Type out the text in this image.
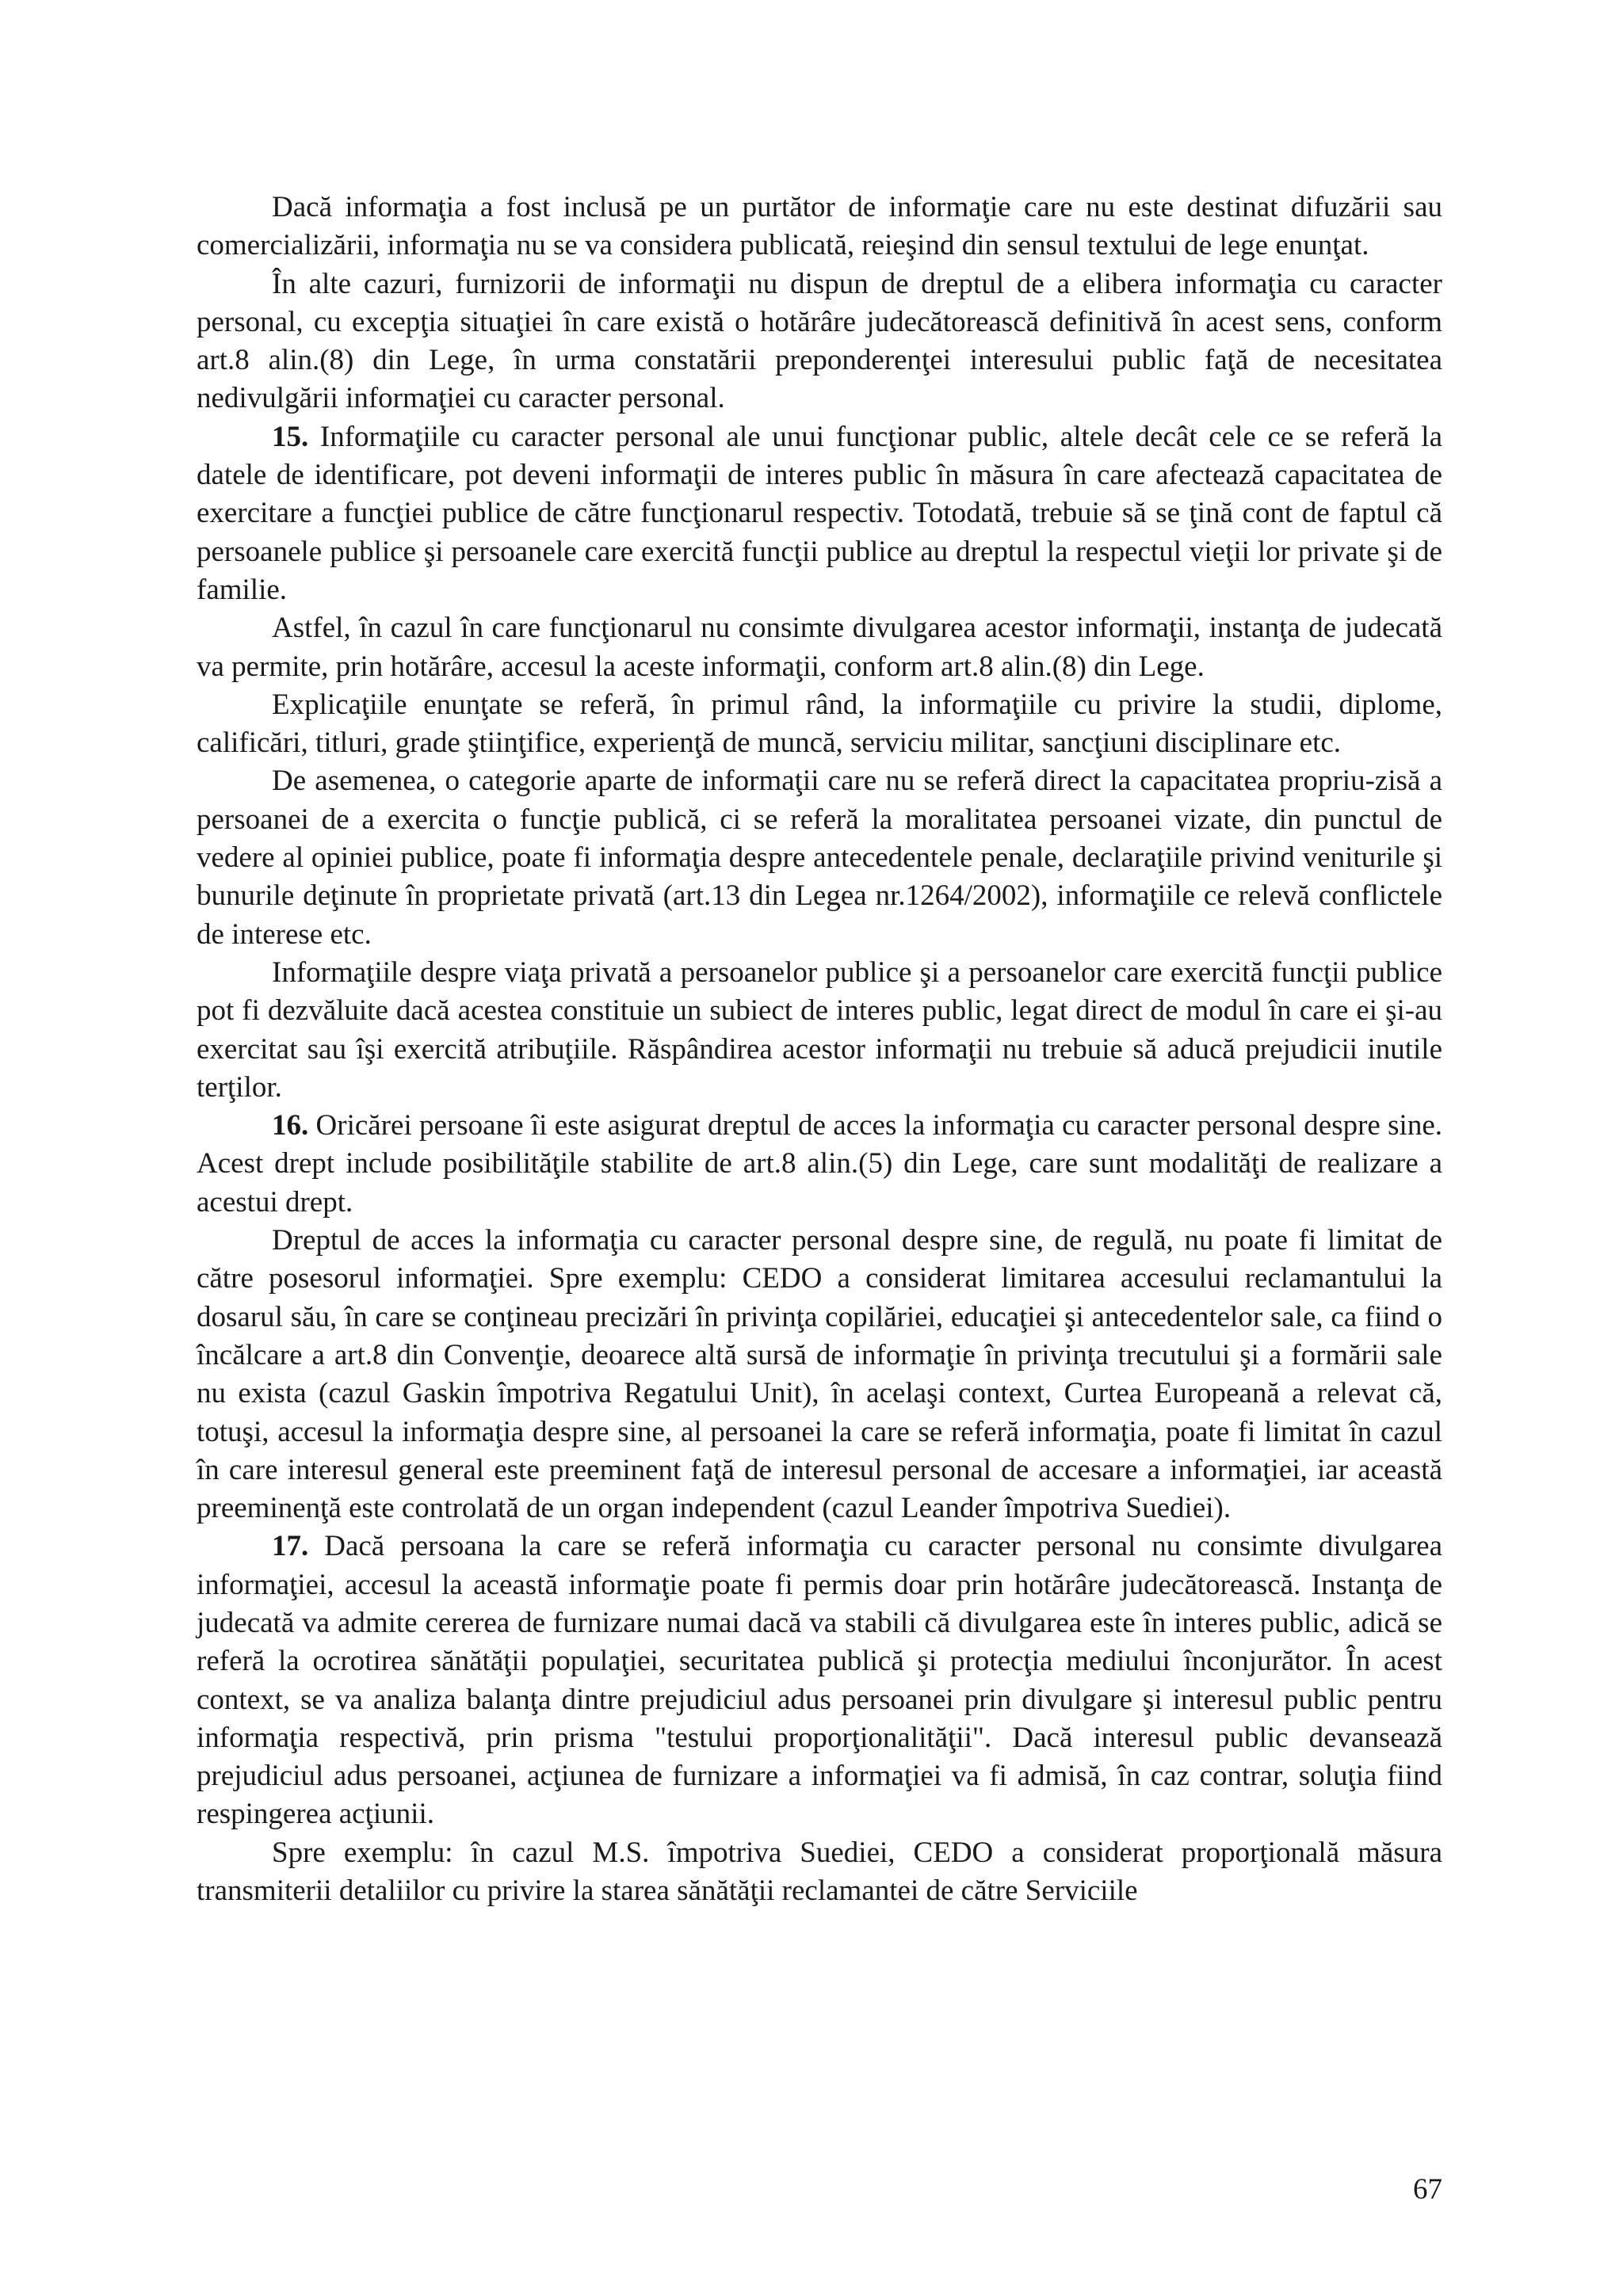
Dacă informaţia a fost inclusă pe un purtător de informaţie care nu este destinat difuzării sau comercializării, informaţia nu se va considera publicată, reieşind din sensul textului de lege enunţat.

În alte cazuri, furnizorii de informaţii nu dispun de dreptul de a elibera informaţia cu caracter personal, cu excepţia situaţiei în care există o hotărâre judecătorească definitivă în acest sens, conform art.8 alin.(8) din Lege, în urma constatării preponderenţei interesului public faţă de necesitatea nedivulgării informaţiei cu caracter personal.

15. Informaţiile cu caracter personal ale unui funcţionar public, altele decât cele ce se referă la datele de identificare, pot deveni informaţii de interes public în măsura în care afectează capacitatea de exercitare a funcţiei publice de către funcţionarul respectiv. Totodată, trebuie să se ţină cont de faptul că persoanele publice şi persoanele care exercită funcţii publice au dreptul la respectul vieţii lor private şi de familie.

Astfel, în cazul în care funcţionarul nu consimte divulgarea acestor informaţii, instanţa de judecată va permite, prin hotărâre, accesul la aceste informaţii, conform art.8 alin.(8) din Lege.

Explicaţiile enunţate se referă, în primul rând, la informaţiile cu privire la studii, diplome, calificări, titluri, grade ştiinţifice, experienţă de muncă, serviciu militar, sancţiuni disciplinare etc.

De asemenea, o categorie aparte de informaţii care nu se referă direct la capacitatea propriu-zisă a persoanei de a exercita o funcţie publică, ci se referă la moralitatea persoanei vizate, din punctul de vedere al opiniei publice, poate fi informaţia despre antecedentele penale, declaraţiile privind veniturile şi bunurile deţinute în proprietate privată (art.13 din Legea nr.1264/2002), informaţiile ce relevă conflictele de interese etc.

Informaţiile despre viaţa privată a persoanelor publice şi a persoanelor care exercită funcţii publice pot fi dezvăluite dacă acestea constituie un subiect de interes public, legat direct de modul în care ei şi-au exercitat sau îşi exercită atribuţiile. Răspândirea acestor informaţii nu trebuie să aducă prejudicii inutile terţilor.

16. Oricărei persoane îi este asigurat dreptul de acces la informaţia cu caracter personal despre sine. Acest drept include posibilităţile stabilite de art.8 alin.(5) din Lege, care sunt modalităţi de realizare a acestui drept.

Dreptul de acces la informaţia cu caracter personal despre sine, de regulă, nu poate fi limitat de către posesorul informaţiei. Spre exemplu: CEDO a considerat limitarea accesului reclamantului la dosarul său, în care se conţineau precizări în privinţa copilăriei, educaţiei şi antecedentelor sale, ca fiind o încălcare a art.8 din Convenţie, deoarece altă sursă de informaţie în privinţa trecutului şi a formării sale nu exista (cazul Gaskin împotriva Regatului Unit), în acelaşi context, Curtea Europeană a relevat că, totuşi, accesul la informaţia despre sine, al persoanei la care se referă informaţia, poate fi limitat în cazul în care interesul general este preeminent faţă de interesul personal de accesare a informaţiei, iar această preeminenţă este controlată de un organ independent (cazul Leander împotriva Suediei).

17. Dacă persoana la care se referă informaţia cu caracter personal nu consimte divulgarea informaţiei, accesul la această informaţie poate fi permis doar prin hotărâre judecătorească. Instanţa de judecată va admite cererea de furnizare numai dacă va stabili că divulgarea este în interes public, adică se referă la ocrotirea sănătăţii populaţiei, securitatea publică şi protecţia mediului înconjurător. În acest context, se va analiza balanţa dintre prejudiciul adus persoanei prin divulgare şi interesul public pentru informaţia respectivă, prin prisma "testului proporţionalităţii". Dacă interesul public devansează prejudiciul adus persoanei, acţiunea de furnizare a informaţiei va fi admisă, în caz contrar, soluţia fiind respingerea acţiunii.

Spre exemplu: în cazul M.S. împotriva Suediei, CEDO a considerat proporţională măsura transmiterii detaliilor cu privire la starea sănătăţii reclamantei de către Serviciile

67
